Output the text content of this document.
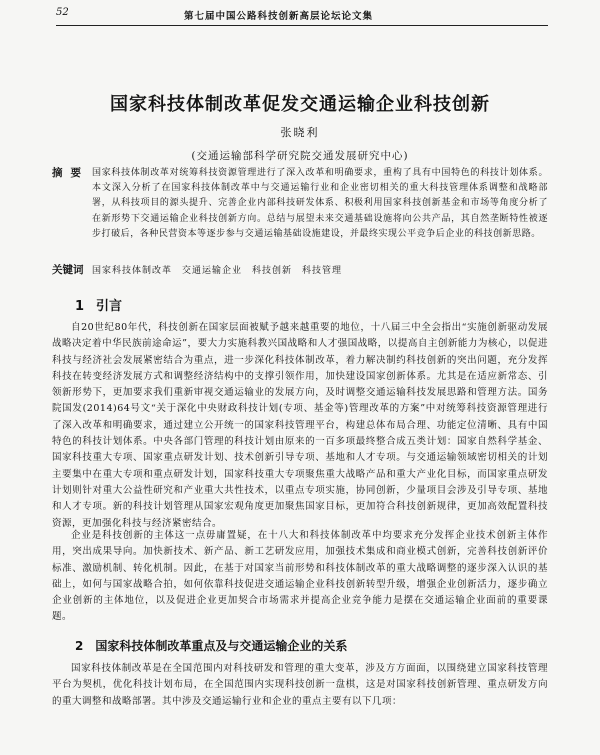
52	第七届中国公路科技创新高层论坛论文集
国家科技体制改革促发交通运输企业科技创新
张晓利
(交通运输部科学研究院交通发展研究中心)
摘要 国家科技体制改革对统筹科技资源管理进行了深入改革和明确要求，重构了具有中国特色的科技计划体系。本文深入分析了在国家科技体制改革中与交通运输行业和企业密切相关的重大科技管理体系调整和战略部署，从科技项目的源头提升、完善企业内部科技研发体系、积极利用国家科技创新基金和市场等角度分析了在新形势下交通运输企业科技创新方向。总结与展望未来交通基础设施将向公共产品，其自然垄断特性被逐步打破后，各种民营资本等逐步参与交通运输基础设施建设，并最终实现公平竞争后企业的科技创新思路。
关键词 国家科技体制改革　交通运输企业　科技创新　科技管理
1 引言
自20世纪80年代，科技创新在国家层面被赋予越来越重要的地位，十八届三中全会指出“实施创新驱动发展战略决定着中华民族前途命运”，要大力实施科教兴国战略和人才强国战略，以提高自主创新能力为核心，以促进科技与经济社会发展紧密结合为重点，进一步深化科技体制改革，着力解决制约科技创新的突出问题，充分发挥科技在转变经济发展方式和调整经济结构中的支撑引领作用，加快建设国家创新体系。尤其是在适应新常态、引领新形势下，更加要求我们重新审视交通运输业的发展方向，及时调整交通运输科技发展思路和管理方法。国务院国发(2014)64号文“关于深化中央财政科技计划(专项、基金等)管理改革的方案”中对统筹科技资源管理进行了深入改革和明确要求，通过建立公开统一的国家科技管理平台，构建总体布局合理、功能定位清晰、具有中国特色的科技计划体系。中央各部门管理的科技计划由原来的一百多项最终整合成五类计划：国家自然科学基金、国家科技重大专项、国家重点研发计划、技术创新引导专项、基地和人才专项。与交通运输领域密切相关的计划主要集中在重大专项和重点研发计划，国家科技重大专项聚焦重大战略产品和重大产业化目标，而国家重点研发计划则针对重大公益性研究和产业重大共性技术，以重点专项实施，协同创新，少量项目会涉及引导专项、基地和人才专项。新的科技计划管理从国家宏观角度更加聚焦国家目标，更加符合科技创新规律，更加高效配置科技资源，更加强化科技与经济紧密结合。
企业是科技创新的主体这一点毋庸置疑，在十八大和科技体制改革中均要求充分发挥企业技术创新主体作用，突出成果导向。加快新技术、新产品、新工艺研发应用，加强技术集成和商业模式创新，完善科技创新评价标准、激励机制、转化机制。因此，在基于对国家当前形势和科技体制改革的重大战略调整的逐步深入认识的基础上，如何与国家战略合拍，如何依靠科技促进交通运输企业科技创新转型升级，增强企业创新活力，逐步确立企业创新的主体地位，以及促进企业更加契合市场需求并提高企业竞争能力是摆在交通运输企业面前的重要课题。
2 国家科技体制改革重点及与交通运输企业的关系
国家科技体制改革是在全国范围内对科技研发和管理的重大变革，涉及方方面面，以围绕建立国家科技管理平台为契机，优化科技计划布局，在全国范围内实现科技创新一盘棋，这是对国家科技创新管理、重点研发方向的重大调整和战略部署。其中涉及交通运输行业和企业的重点主要有以下几项：
